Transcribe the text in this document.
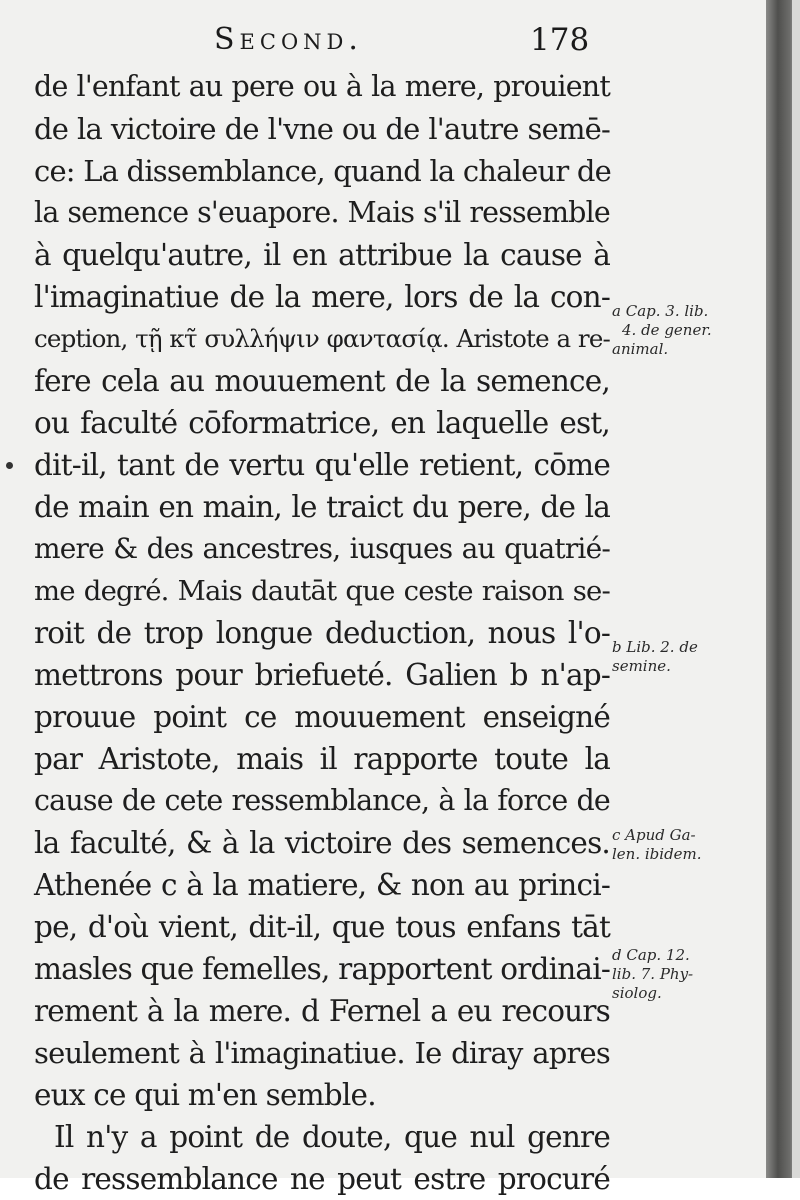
Second.	178
de l'enfant au pere ou à la mere, prouient
de la victoire de l'vne ou de l'autre semē-
ce: La dissemblance, quand la chaleur de
la semence s'euapore. Mais s'il ressemble
à quelqu'autre, il en attribue la cause à
l'imaginatiue de la mere, lors de la con-
ception, τῇ κτ̃ συλλήψιν φαντασίᾳ. Aristote a re-
fere cela au mouuement de la semence,
ou faculté cōformatrice, en laquelle est,
dit-il, tant de vertu qu'elle retient, cōme
de main en main, le traict du pere, de la
mere & des ancestres, iusques au quatrié-
me degré. Mais dautāt que ceste raison se-
roit de trop longue deduction, nous l'o-
mettrons pour briefueté. Galien b n'ap-
prouue point ce mouuement enseigné
par Aristote, mais il rapporte toute la
cause de cete ressemblance, à la force de
la faculté, & à la victoire des semences.
Athenée c à la matiere, & non au princi-
pe, d'où vient, dit-il, que tous enfans tāt
masles que femelles, rapportent ordinai-
rement à la mere. d Fernel a eu recours
seulement à l'imaginatiue. Ie diray apres
eux ce qui m'en semble.
Il n'y a point de doute, que nul genre
de ressemblance ne peut estre procuré
a Cap. 3. lib.
4. de gener.
animal.
b Lib. 2. de
semine.
c Apud Ga-
len. ibidem.
d Cap. 12.
lib. 7. Phy-
siolog.
